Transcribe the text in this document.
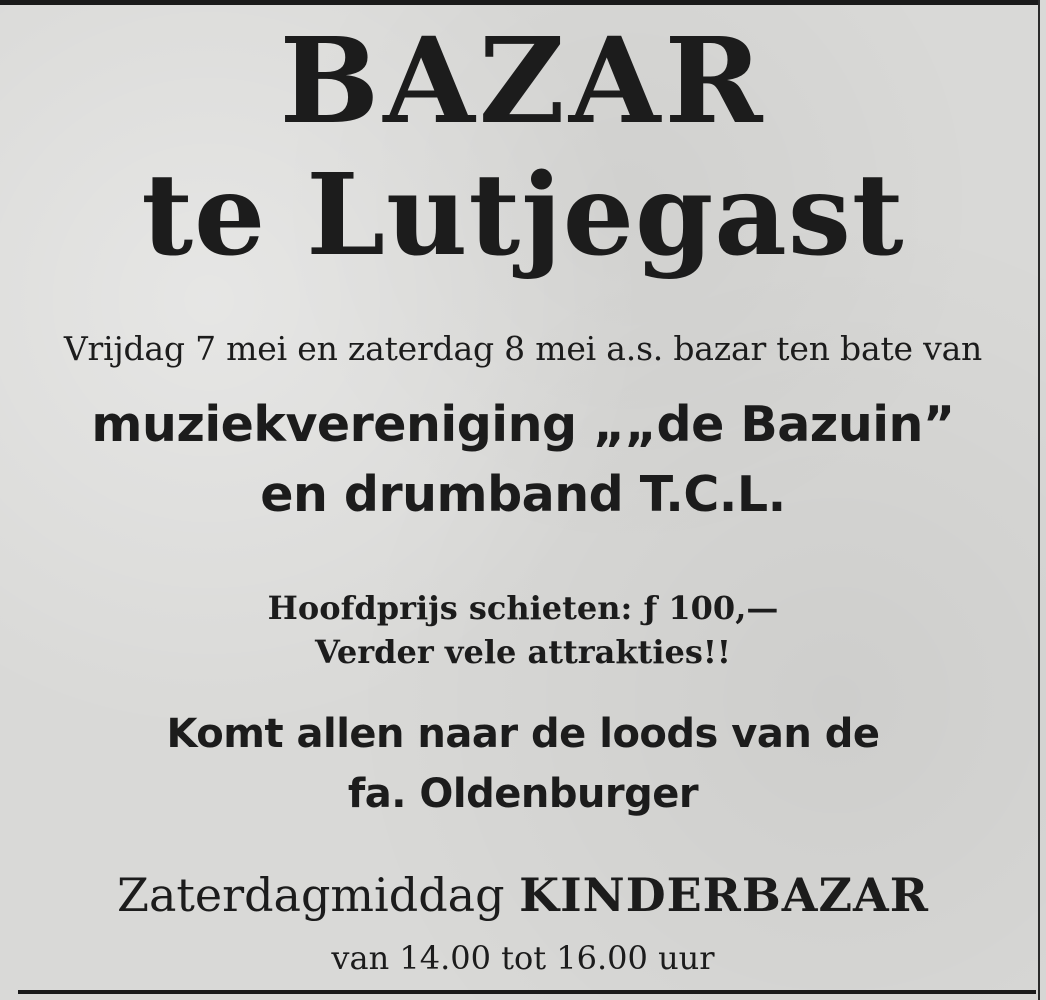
BAZAR
te Lutjegast

Vrijdag 7 mei en zaterdag 8 mei a.s. bazar ten bate van

muziekvereniging „„de Bazuin”

en drumband T.C.L.

Hoofdprijs schieten: ƒ 100,—

Verder vele attrakties!!

Komt allen naar de loods van de

fa. Oldenburger

Zaterdagmiddag KINDERBAZAR

van 14.00 tot 16.00 uur
